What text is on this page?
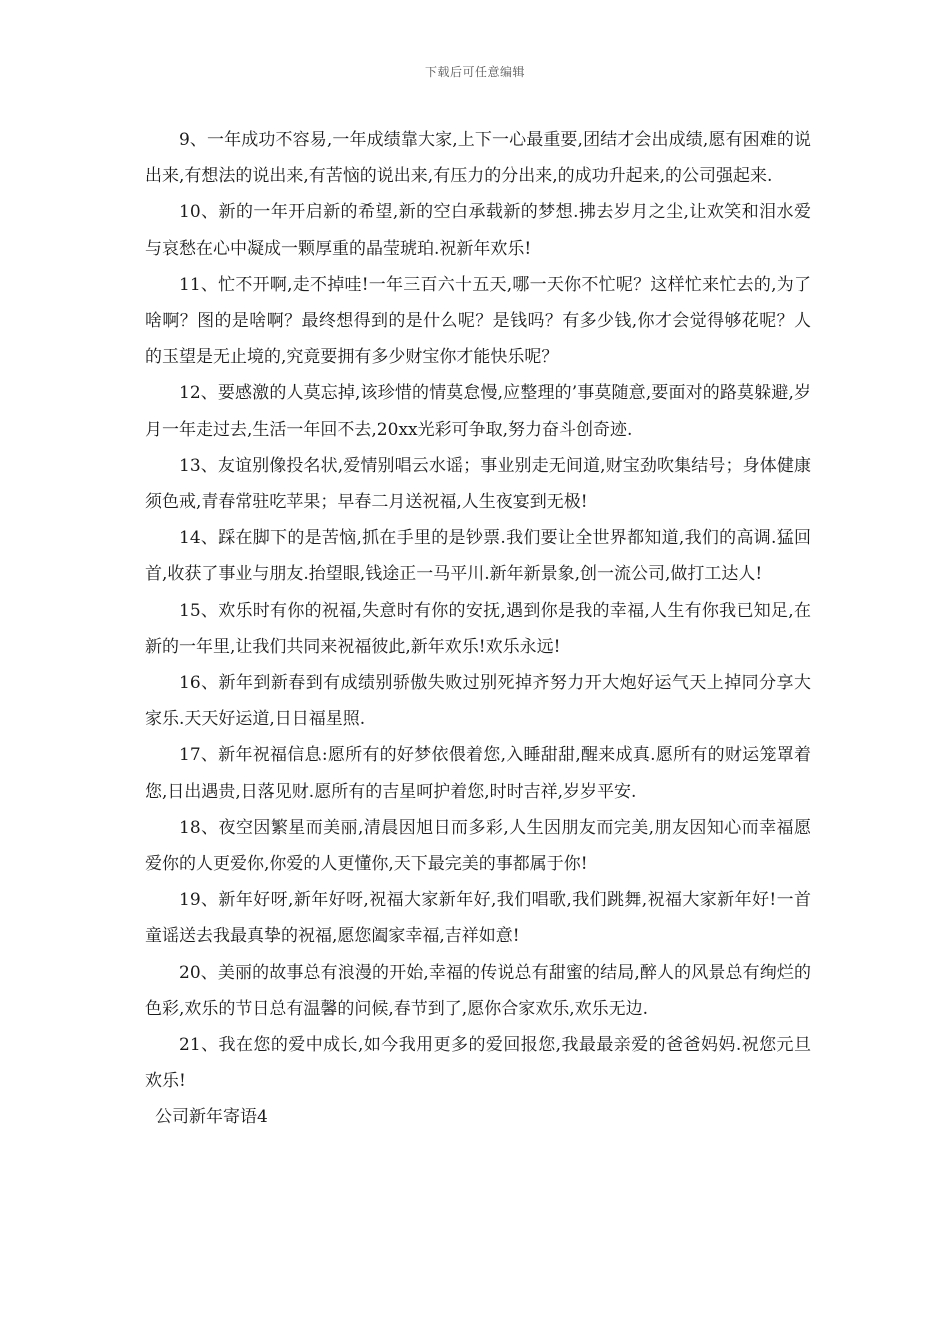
下载后可任意编辑

9、一年成功不容易,一年成绩靠大家,上下一心最重要,团结才会出成绩,愿有困难的说出来,有想法的说出来,有苦恼的说出来,有压力的分出来,的成功升起来,的公司强起来.

10、新的一年开启新的希望,新的空白承载新的梦想.拂去岁月之尘,让欢笑和泪水爱与哀愁在心中凝成一颗厚重的晶莹琥珀.祝新年欢乐!

11、忙不开啊,走不掉哇!一年三百六十五天,哪一天你不忙呢？这样忙来忙去的,为了啥啊？图的是啥啊？最终想得到的是什么呢？是钱吗？有多少钱,你才会觉得够花呢？人的玉望是无止境的,究竟要拥有多少财宝你才能快乐呢？

12、要感激的人莫忘掉,该珍惜的情莫怠慢,应整理的’事莫随意,要面对的路莫躲避,岁月一年走过去,生活一年回不去,20xx光彩可争取,努力奋斗创奇迹.

13、友谊别像投名状,爱情别唱云水谣；事业别走无间道,财宝劲吹集结号；身体健康须色戒,青春常驻吃苹果；早春二月送祝福,人生夜宴到无极!

14、踩在脚下的是苦恼,抓在手里的是钞票.我们要让全世界都知道,我们的高调.猛回首,收获了事业与朋友.抬望眼,钱途正一马平川.新年新景象,创一流公司,做打工达人!

15、欢乐时有你的祝福,失意时有你的安抚,遇到你是我的幸福,人生有你我已知足,在新的一年里,让我们共同来祝福彼此,新年欢乐!欢乐永远!

16、新年到新春到有成绩别骄傲失败过别死掉齐努力开大炮好运气天上掉同分享大家乐.天天好运道,日日福星照.

17、新年祝福信息:愿所有的好梦依偎着您,入睡甜甜,醒来成真.愿所有的财运笼罩着您,日出遇贵,日落见财.愿所有的吉星呵护着您,时时吉祥,岁岁平安.

18、夜空因繁星而美丽,清晨因旭日而多彩,人生因朋友而完美,朋友因知心而幸福愿爱你的人更爱你,你爱的人更懂你,天下最完美的事都属于你!

19、新年好呀,新年好呀,祝福大家新年好,我们唱歌,我们跳舞,祝福大家新年好!一首童谣送去我最真挚的祝福,愿您阖家幸福,吉祥如意!

20、美丽的故事总有浪漫的开始,幸福的传说总有甜蜜的结局,醉人的风景总有绚烂的色彩,欢乐的节日总有温馨的问候,春节到了,愿你合家欢乐,欢乐无边.

21、我在您的爱中成长,如今我用更多的爱回报您,我最最亲爱的爸爸妈妈.祝您元旦欢乐!

公司新年寄语4
